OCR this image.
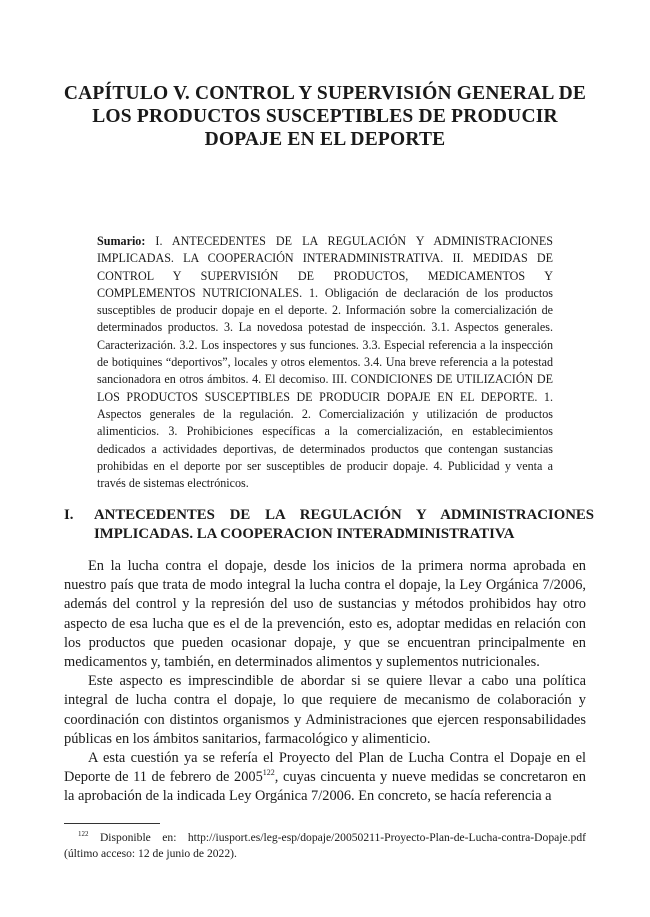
CAPÍTULO V. CONTROL Y SUPERVISIÓN GENERAL DE LOS PRODUCTOS SUSCEPTIBLES DE PRODUCIR DOPAJE EN EL DEPORTE

Sumario: I. ANTECEDENTES DE LA REGULACIÓN Y ADMINISTRACIONES IMPLICADAS. LA COOPERACIÓN INTERADMINISTRATIVA. II. MEDIDAS DE CONTROL Y SUPERVISIÓN DE PRODUCTOS, MEDICAMENTOS Y COMPLEMENTOS NUTRICIONALES. 1. Obligación de declaración de los productos susceptibles de producir dopaje en el deporte. 2. Información sobre la comercialización de determinados productos. 3. La novedosa potestad de inspección. 3.1. Aspectos generales. Caracterización. 3.2. Los inspectores y sus funciones. 3.3. Especial referencia a la inspección de botiquines “deportivos”, locales y otros elementos. 3.4. Una breve referencia a la potestad sancionadora en otros ámbitos. 4. El decomiso. III. CONDICIONES DE UTILIZACIÓN DE LOS PRODUCTOS SUSCEPTIBLES DE PRODUCIR DOPAJE EN EL DEPORTE. 1. Aspectos generales de la regulación. 2. Comercialización y utilización de productos alimenticios. 3. Prohibiciones específicas a la comercialización, en establecimientos dedicados a actividades deportivas, de determinados productos que contengan sustancias prohibidas en el deporte por ser susceptibles de producir dopaje. 4. Publicidad y venta a través de sistemas electrónicos.

I. ANTECEDENTES DE LA REGULACIÓN Y ADMINISTRACIONES
IMPLICADAS. LA COOPERACION INTERADMINISTRATIVA

En la lucha contra el dopaje, desde los inicios de la primera norma aprobada en nuestro país que trata de modo integral la lucha contra el dopaje, la Ley Orgánica 7/2006, además del control y la represión del uso de sustancias y métodos prohibidos hay otro aspecto de esa lucha que es el de la prevención, esto es, adoptar medidas en relación con los productos que pueden ocasionar dopaje, y que se encuentran principalmente en medicamentos y, también, en determinados alimentos y suplementos nutricionales.

Este aspecto es imprescindible de abordar si se quiere llevar a cabo una política integral de lucha contra el dopaje, lo que requiere de mecanismo de colaboración y coordinación con distintos organismos y Administraciones que ejercen responsabilidades públicas en los ámbitos sanitarios, farmacológico y alimenticio.

A esta cuestión ya se refería el Proyecto del Plan de Lucha Contra el Dopaje en el Deporte de 11 de febrero de 2005$^{122}$, cuyas cincuenta y nueve medidas se concretaron en la aprobación de la indicada Ley Orgánica 7/2006. En concreto, se hacía referencia a

$^{122}$ Disponible en: http://iusport.es/leg-esp/dopaje/20050211-Proyecto-Plan-de-Lucha-contra-Dopaje.pdf (último acceso: 12 de junio de 2022).
